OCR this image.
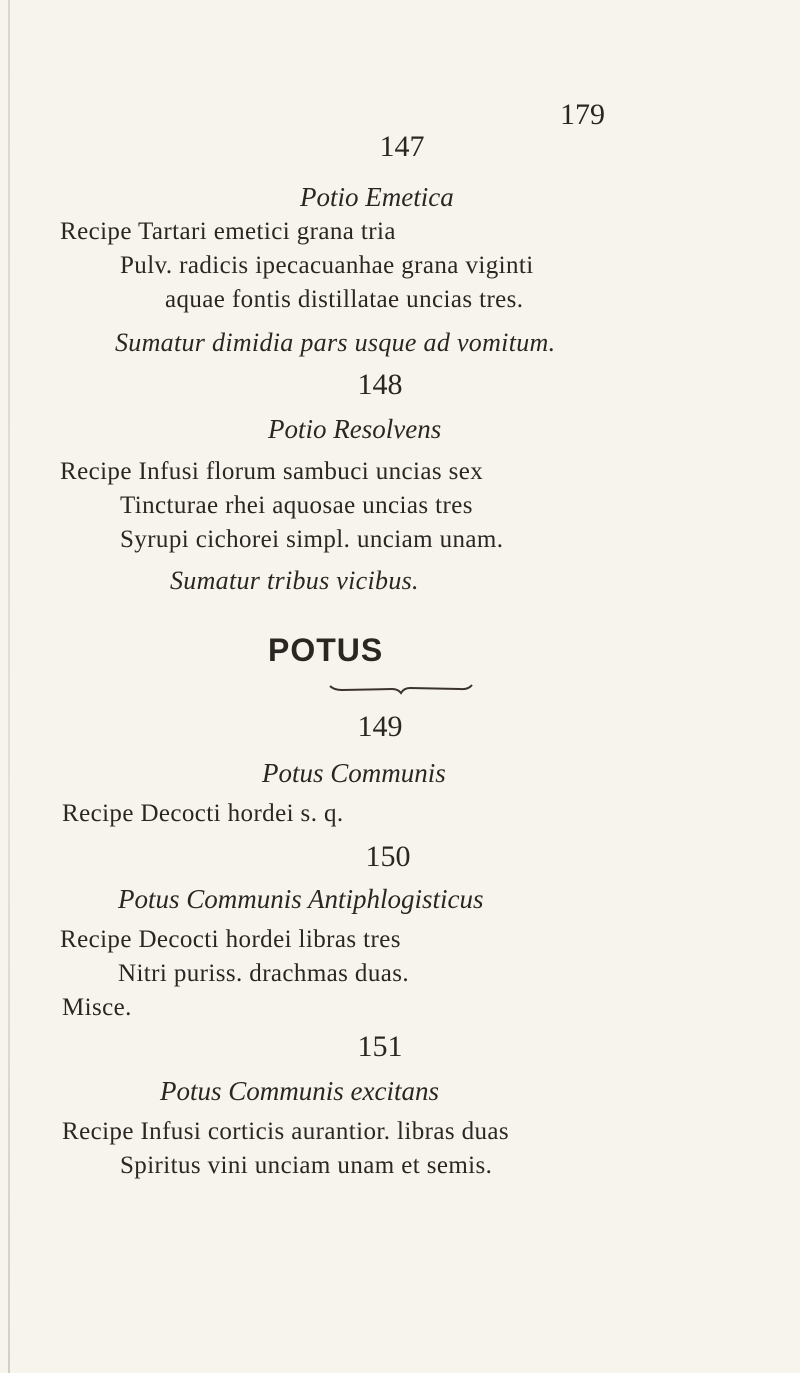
179
147
Potio Emetica
Recipe Tartari emetici grana tria
Pulv. radicis ipecacuanhae grana viginti
aquae fontis distillatae uncias tres.
Sumatur dimidia pars usque ad vomitum.
148
Potio Resolvens
Recipe Infusi florum sambuci uncias sex
Tincturae rhei aquosae uncias tres
Syrupi cichorei simpl. unciam unam.
Sumatur tribus vicibus.
POTUS
149
Potus Communis
Recipe Decocti hordei s. q.
150
Potus Communis Antiphlogisticus
Recipe Decocti hordei libras tres
Nitri puriss. drachmas duas.
Misce.
151
Potus Communis excitans
Recipe Infusi corticis aurantior. libras duas
Spiritus vini unciam unam et semis.
